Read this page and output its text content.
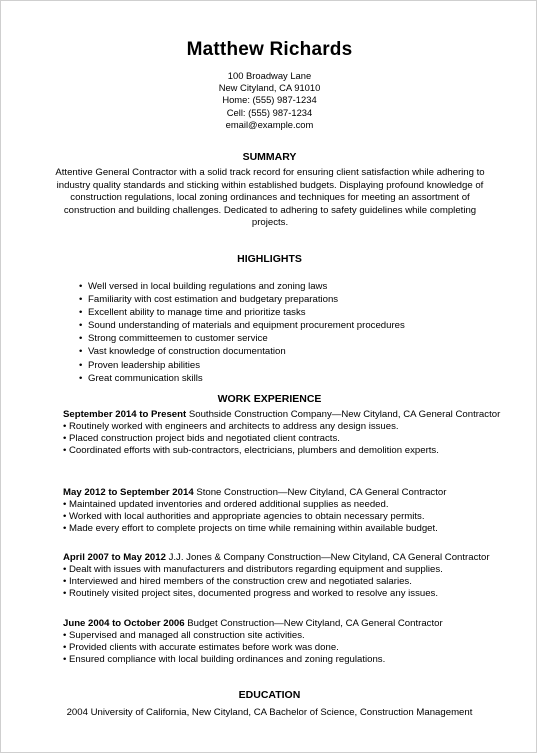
Matthew Richards
100 Broadway Lane
New Cityland, CA 91010
Home: (555) 987-1234
Cell: (555) 987-1234
email@example.com
SUMMARY
Attentive General Contractor with a solid track record for ensuring client satisfaction while adhering to industry quality standards and sticking within established budgets. Displaying profound knowledge of construction regulations, local zoning ordinances and techniques for meeting an assortment of construction and building challenges. Dedicated to adhering to safety guidelines while completing projects.
HIGHLIGHTS
• Well versed in local building regulations and zoning laws
• Familiarity with cost estimation and budgetary preparations
• Excellent ability to manage time and prioritize tasks
• Sound understanding of materials and equipment procurement procedures
• Strong committeemen to customer service
• Vast knowledge of construction documentation
• Proven leadership abilities
• Great communication skills
WORK EXPERIENCE
September 2014 to Present Southside Construction Company—New Cityland, CA General Contractor
• Routinely worked with engineers and architects to address any design issues.
• Placed construction project bids and negotiated client contracts.
• Coordinated efforts with sub-contractors, electricians, plumbers and demolition experts.
May 2012 to September 2014 Stone Construction—New Cityland, CA General Contractor
• Maintained updated inventories and ordered additional supplies as needed.
• Worked with local authorities and appropriate agencies to obtain necessary permits.
• Made every effort to complete projects on time while remaining within available budget.
April 2007 to May 2012 J.J. Jones & Company Construction—New Cityland, CA General Contractor
• Dealt with issues with manufacturers and distributors regarding equipment and supplies.
• Interviewed and hired members of the construction crew and negotiated salaries.
• Routinely visited project sites, documented progress and worked to resolve any issues.
June 2004 to October 2006 Budget Construction—New Cityland, CA General Contractor
• Supervised and managed all construction site activities.
• Provided clients with accurate estimates before work was done.
• Ensured compliance with local building ordinances and zoning regulations.
EDUCATION
2004 University of California, New Cityland, CA Bachelor of Science, Construction Management
